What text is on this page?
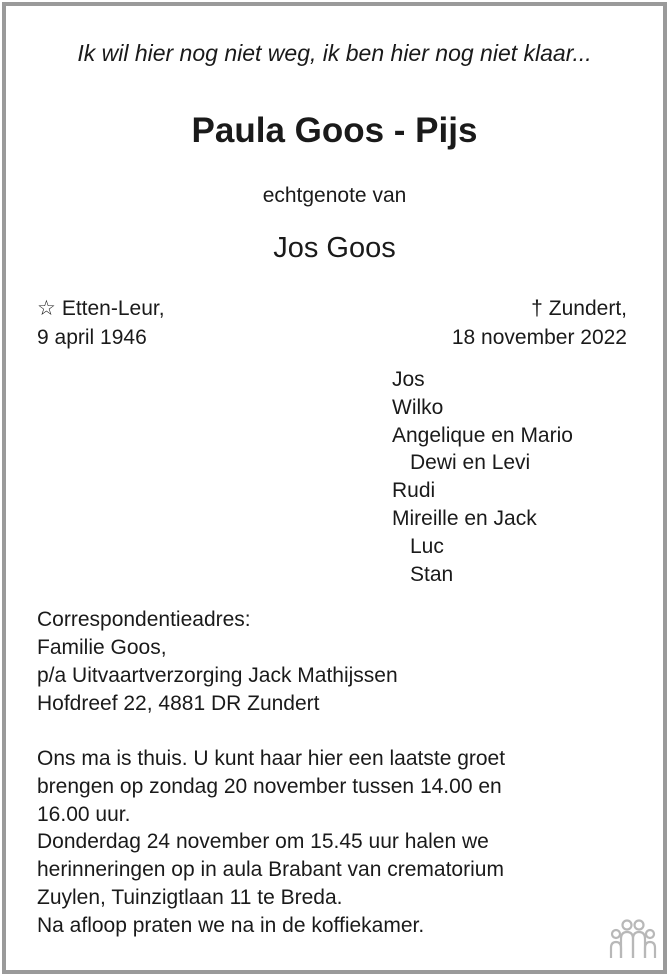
Ik wil hier nog niet weg, ik ben hier nog niet klaar...
Paula Goos - Pijs
echtgenote van
Jos Goos
☆ Etten-Leur,
9 april 1946
† Zundert,
18 november 2022
Jos
Wilko
Angelique en Mario
Dewi en Levi
Rudi
Mireille en Jack
Luc
Stan
Correspondentieadres:
Familie Goos,
p/a Uitvaartverzorging Jack Mathijssen
Hofdreef 22, 4881 DR Zundert
Ons ma is thuis. U kunt haar hier een laatste groet
brengen op zondag 20 november tussen 14.00 en
16.00 uur.
Donderdag 24 november om 15.45 uur halen we
herinneringen op in aula Brabant van crematorium
Zuylen, Tuinzigtlaan 11 te Breda.
Na afloop praten we na in de koffiekamer.
